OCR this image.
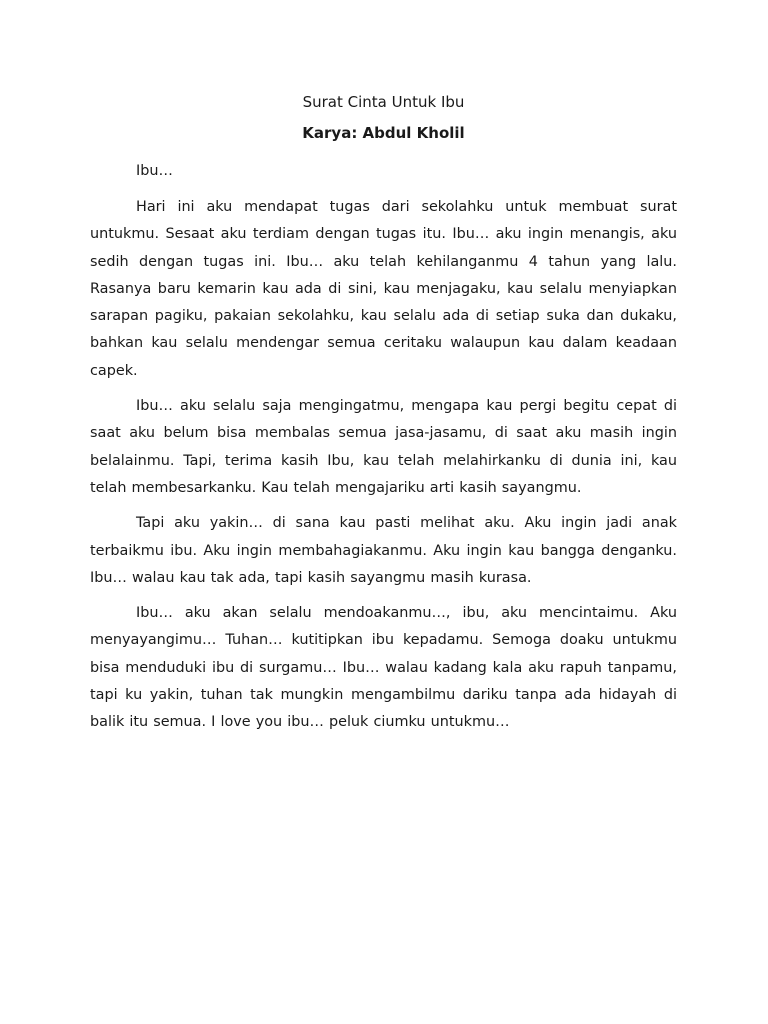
Surat Cinta Untuk Ibu

Karya: Abdul Kholil

Ibu…

Hari ini aku mendapat tugas dari sekolahku untuk membuat surat untukmu. Sesaat aku terdiam dengan tugas itu. Ibu… aku ingin menangis, aku sedih dengan tugas ini. Ibu… aku telah kehilanganmu 4 tahun yang lalu. Rasanya baru kemarin kau ada di sini, kau menjagaku, kau selalu menyiapkan sarapan pagiku, pakaian sekolahku, kau selalu ada di setiap suka dan dukaku, bahkan kau selalu mendengar semua ceritaku walaupun kau dalam keadaan capek.

Ibu… aku selalu saja mengingatmu, mengapa kau pergi begitu cepat di saat aku belum bisa membalas semua jasa-jasamu, di saat aku masih ingin belalainmu. Tapi, terima kasih Ibu, kau telah melahirkanku di dunia ini, kau telah membesarkanku. Kau telah mengajariku arti kasih sayangmu.

Tapi aku yakin… di sana kau pasti melihat aku. Aku ingin jadi anak terbaikmu ibu. Aku ingin membahagiakanmu. Aku ingin kau bangga denganku. Ibu… walau kau tak ada, tapi kasih sayangmu masih kurasa.

Ibu… aku akan selalu mendoakanmu…, ibu, aku mencintaimu. Aku menyayangimu… Tuhan… kutitipkan ibu kepadamu. Semoga doaku untukmu bisa menduduki ibu di surgamu… Ibu… walau kadang kala aku rapuh tanpamu, tapi ku yakin, tuhan tak mungkin mengambilmu dariku tanpa ada hidayah di balik itu semua. I love you ibu… peluk ciumku untukmu…
